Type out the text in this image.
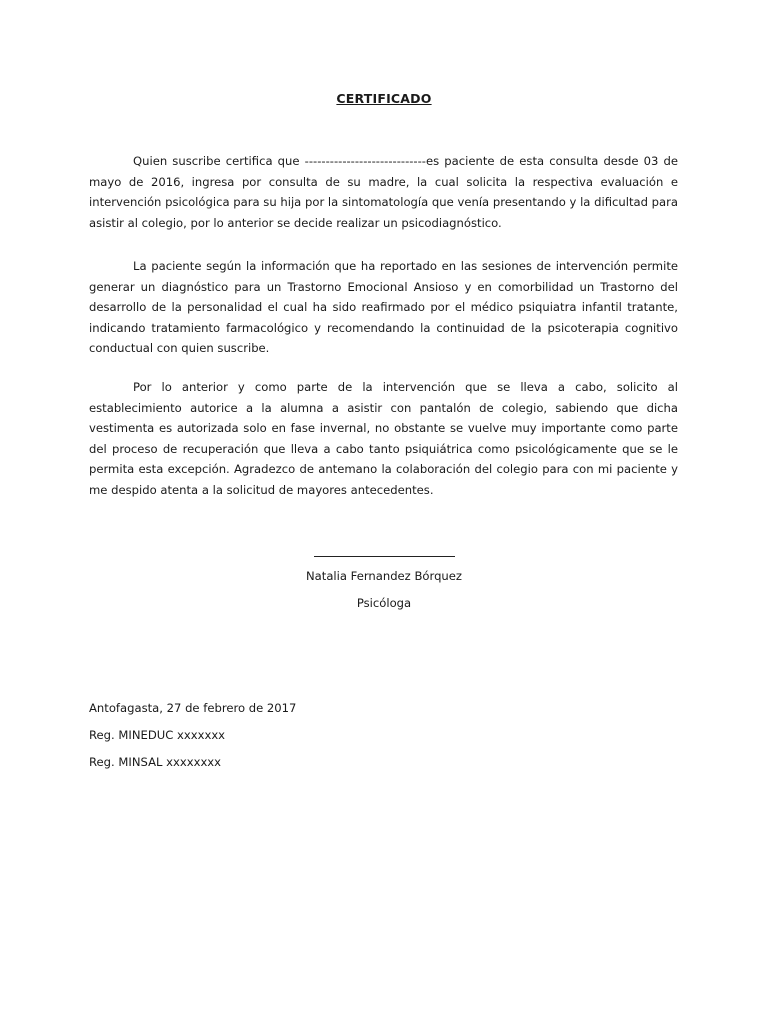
CERTIFICADO

Quien suscribe certifica que -----------------------------es paciente de esta consulta desde 03 de mayo de 2016, ingresa por consulta de su madre, la cual solicita la respectiva evaluación e intervención psicológica para su hija por la sintomatología que venía presentando y la dificultad para asistir al colegio, por lo anterior se decide realizar un psicodiagnóstico.

La paciente según la información que ha reportado en las sesiones de intervención permite generar un diagnóstico para un Trastorno Emocional Ansioso y en comorbilidad un Trastorno del desarrollo de la personalidad el cual ha sido reafirmado por el médico psiquiatra infantil tratante, indicando tratamiento farmacológico y recomendando la continuidad de la psicoterapia cognitivo conductual con quien suscribe.

Por lo anterior y como parte de la intervención que se lleva a cabo, solicito al establecimiento autorice a la alumna a asistir con pantalón de colegio, sabiendo que dicha vestimenta es autorizada solo en fase invernal, no obstante se vuelve muy importante como parte del proceso de recuperación que lleva a cabo tanto psiquiátrica como psicológicamente que se le permita esta excepción. Agradezco de antemano la colaboración del colegio para con mi paciente y me despido atenta a la solicitud de mayores antecedentes.

Natalia Fernandez Bórquez
Psicóloga
Antofagasta, 27 de febrero de 2017
Reg. MINEDUC xxxxxxx
Reg. MINSAL xxxxxxxx
